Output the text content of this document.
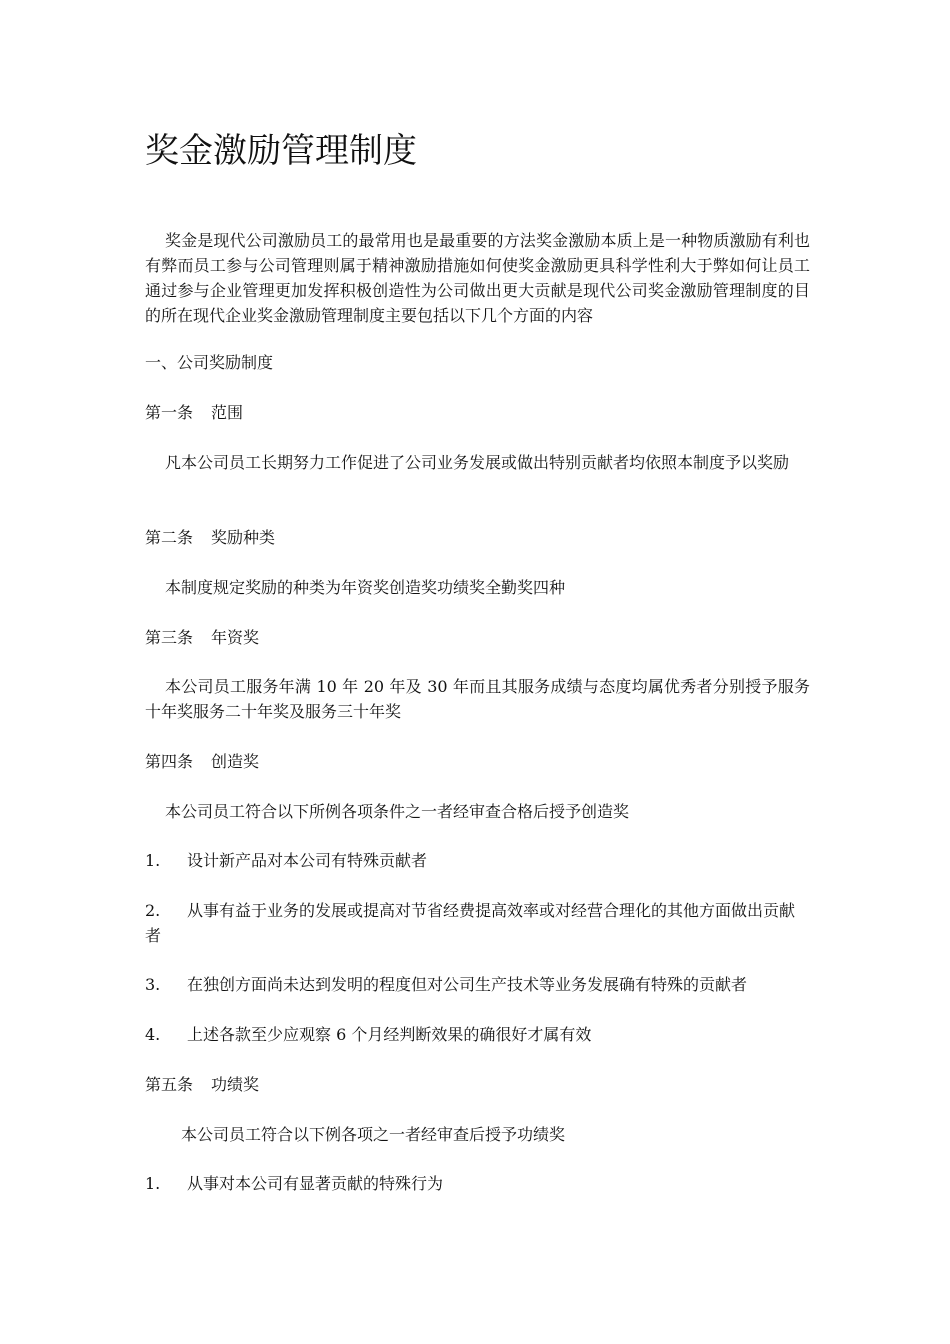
奖金激励管理制度

奖金是现代公司激励员工的最常用也是最重要的方法奖金激励本质上是一种物质激励有利也有弊而员工参与公司管理则属于精神激励措施如何使奖金激励更具科学性利大于弊如何让员工通过参与企业管理更加发挥积极创造性为公司做出更大贡献是现代公司奖金激励管理制度的目的所在现代企业奖金激励管理制度主要包括以下几个方面的内容

一、公司奖励制度

第一条 范围

凡本公司员工长期努力工作促进了公司业务发展或做出特别贡献者均依照本制度予以奖励

第二条 奖励种类

本制度规定奖励的种类为年资奖创造奖功绩奖全勤奖四种

第三条 年资奖

本公司员工服务年满 10 年 20 年及 30 年而且其服务成绩与态度均属优秀者分别授予服务十年奖服务二十年奖及服务三十年奖

第四条 创造奖

本公司员工符合以下所例各项条件之一者经审查合格后授予创造奖

1. 设计新产品对本公司有特殊贡献者

2. 从事有益于业务的发展或提高对节省经费提高效率或对经营合理化的其他方面做出贡献者

3. 在独创方面尚未达到发明的程度但对公司生产技术等业务发展确有特殊的贡献者

4. 上述各款至少应观察 6 个月经判断效果的确很好才属有效

第五条 功绩奖

本公司员工符合以下例各项之一者经审查后授予功绩奖

1. 从事对本公司有显著贡献的特殊行为
